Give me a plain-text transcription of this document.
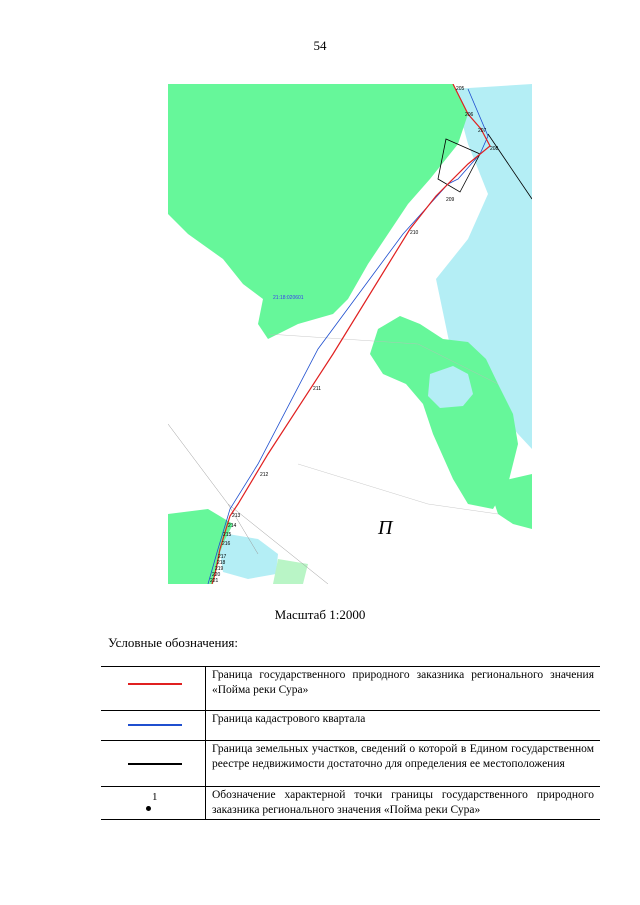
54
205
206
207
208
209
210
211
212
213
214
215
216
217
218
219
220
221
21:18:020601
П
Масштаб 1:2000
Условные обозначения:
	Граница государственного природного заказника регионального значения «Пойма реки Сура»

	Граница кадастрового квартала

	Граница земельных участков, сведений о которой в Едином государственном реестре недвижимости достаточно для определения ее местоположения

1	Обозначение характерной точки границы государственного природного заказника регионального значения «Пойма реки Сура»
